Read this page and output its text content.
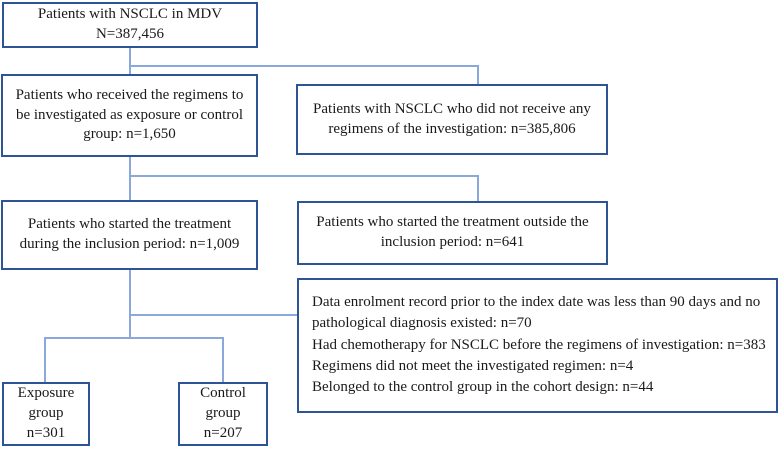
Patients with NSCLC in MDV
N=387,456
Patients who received the regimens to be investigated as exposure or control group: n=1,650
Patients with NSCLC who did not receive any regimens of the investigation: n=385,806
Patients who started the treatment during the inclusion period: n=1,009
Patients who started the treatment outside the inclusion period: n=641
Data enrolment record prior to the index date was less than 90 days and no pathological diagnosis existed: n=70
Had chemotherapy for NSCLC before the regimens of investigation: n=383
Regimens did not meet the investigated regimen: n=4
Belonged to the control group in the cohort design: n=44
Exposure
group
n=301
Control
group
n=207
